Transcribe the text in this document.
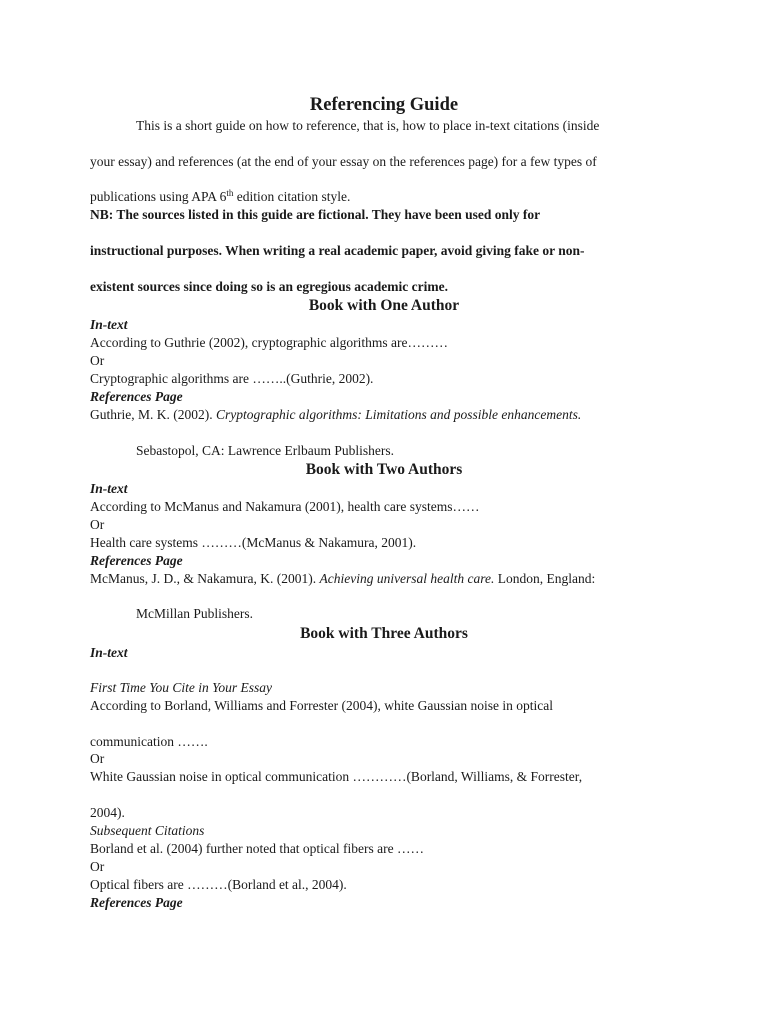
Referencing Guide
This is a short guide on how to reference, that is, how to place in-text citations (inside
your essay) and references (at the end of your essay on the references page) for a few types of
publications using APA 6th edition citation style.
NB: The sources listed in this guide are fictional. They have been used only for
instructional purposes. When writing a real academic paper, avoid giving fake or non-
existent sources since doing so is an egregious academic crime.
Book with One Author
In-text
According to Guthrie (2002), cryptographic algorithms are………
Or
Cryptographic algorithms are ……..(Guthrie, 2002).
References Page
Guthrie, M. K. (2002). Cryptographic algorithms: Limitations and possible enhancements.
Sebastopol, CA: Lawrence Erlbaum Publishers.
Book with Two Authors
In-text
According to McManus and Nakamura (2001), health care systems……
Or
Health care systems ………(McManus & Nakamura, 2001).
References Page
McManus, J. D., & Nakamura, K. (2001). Achieving universal health care. London, England:
McMillan Publishers.
Book with Three Authors
In-text
First Time You Cite in Your Essay
According to Borland, Williams and Forrester (2004), white Gaussian noise in optical
communication …….
Or
White Gaussian noise in optical communication …………(Borland, Williams, & Forrester,
2004).
Subsequent Citations
Borland et al. (2004) further noted that optical fibers are ……
Or
Optical fibers are ………(Borland et al., 2004).
References Page
